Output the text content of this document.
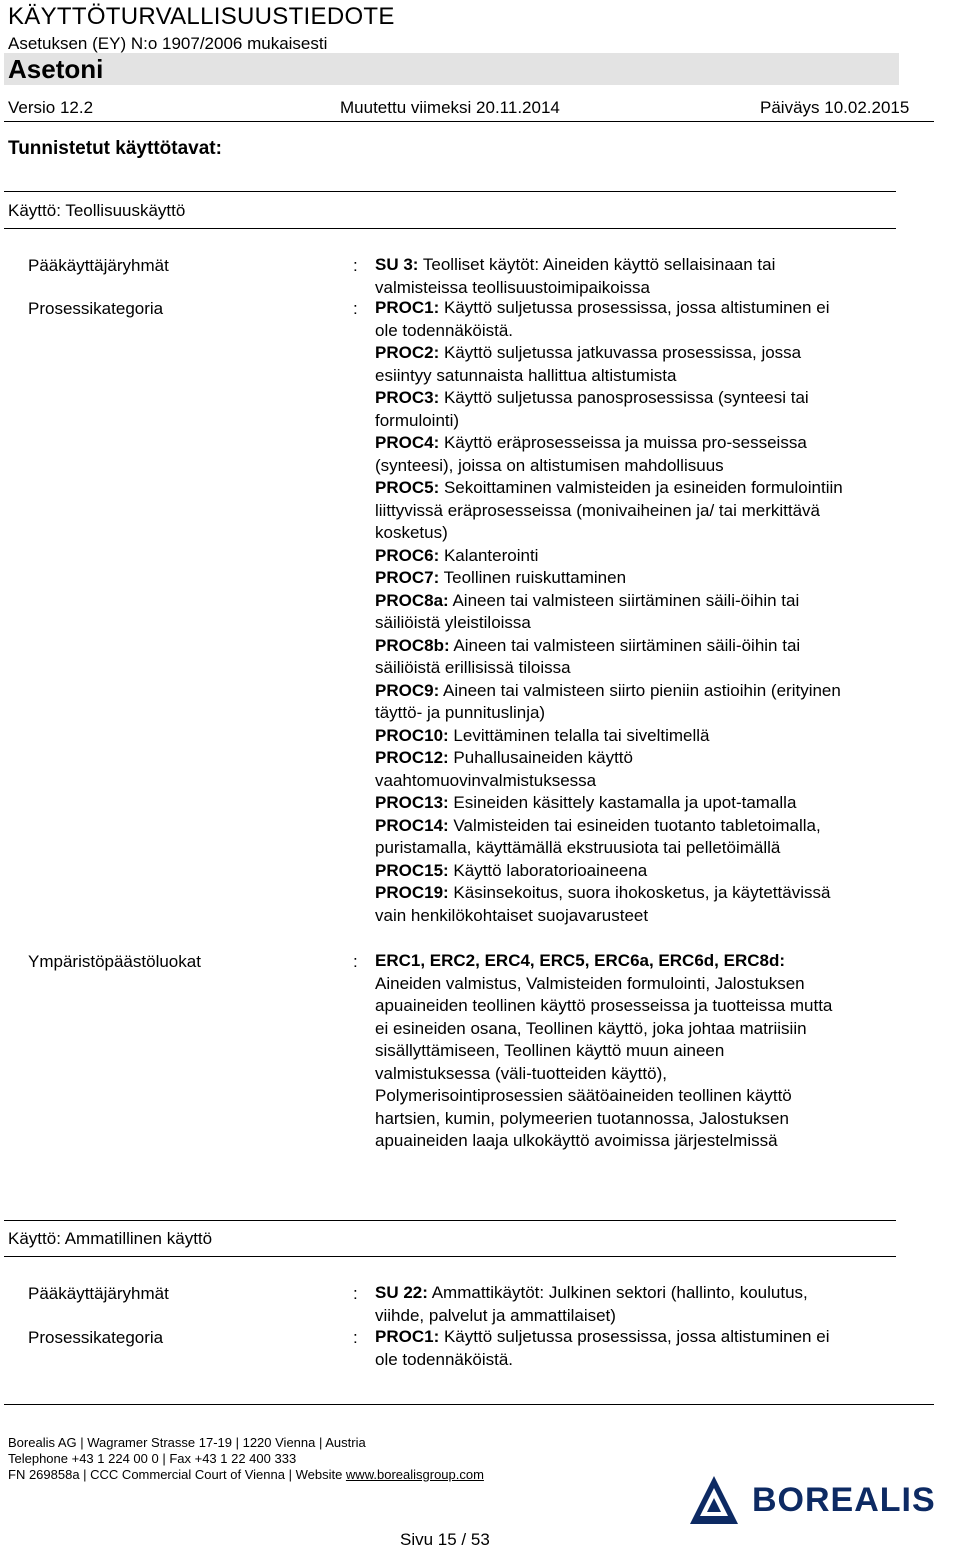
KÄYTTÖTURVALLISUUSTIEDOTE
Asetuksen (EY) N:o 1907/2006 mukaisesti
Asetoni
Versio 12.2	Muutettu viimeksi 20.11.2014	Päiväys 10.02.2015
Tunnistetut käyttötavat:
Käyttö: Teollisuuskäyttö
Pääkäyttäjäryhmät	: SU 3: Teolliset käytöt: Aineiden käyttö sellaisinaan tai
valmisteissa teollisuustoimipaikoissa
Prosessikategoria	: PROC1: Käyttö suljetussa prosessissa, jossa altistuminen ei
ole todennäköistä.
PROC2: Käyttö suljetussa jatkuvassa prosessissa, jossa
esiintyy satunnaista hallittua altistumista
PROC3: Käyttö suljetussa panosprosessissa (synteesi tai
formulointi)
PROC4: Käyttö eräprosesseissa ja muissa pro-sesseissa
(synteesi), joissa on altistumisen mahdollisuus
PROC5: Sekoittaminen valmisteiden ja esineiden formulointiin
liittyvissä eräprosesseissa (monivaiheinen ja/ tai merkittävä
kosketus)
PROC6: Kalanterointi
PROC7: Teollinen ruiskuttaminen
PROC8a: Aineen tai valmisteen siirtäminen säili-öihin tai
säiliöistä yleistiloissa
PROC8b: Aineen tai valmisteen siirtäminen säili-öihin tai
säiliöistä erillisissä tiloissa
PROC9: Aineen tai valmisteen siirto pieniin astioihin (erityinen
täyttö- ja punnituslinja)
PROC10: Levittäminen telalla tai siveltimellä
PROC12: Puhallusaineiden käyttö
vaahtomuovinvalmistuksessa
PROC13: Esineiden käsittely kastamalla ja upot-tamalla
PROC14: Valmisteiden tai esineiden tuotanto tabletoimalla,
puristamalla, käyttämällä ekstruusiota tai pelletöimällä
PROC15: Käyttö laboratorioaineena
PROC19: Käsinsekoitus, suora ihokosketus, ja käytettävissä
vain henkilökohtaiset suojavarusteet
Ympäristöpäästöluokat	: ERC1, ERC2, ERC4, ERC5, ERC6a, ERC6d, ERC8d:
Aineiden valmistus, Valmisteiden formulointi, Jalostuksen
apuaineiden teollinen käyttö prosesseissa ja tuotteissa mutta
ei esineiden osana, Teollinen käyttö, joka johtaa matriisiin
sisällyttämiseen, Teollinen käyttö muun aineen
valmistuksessa (väli-tuotteiden käyttö),
Polymerisointiprosessien säätöaineiden teollinen käyttö
hartsien, kumin, polymeerien tuotannossa, Jalostuksen
apuaineiden laaja ulkokäyttö avoimissa järjestelmissä
Käyttö: Ammatillinen käyttö
Pääkäyttäjäryhmät	: SU 22: Ammattikäytöt: Julkinen sektori (hallinto, koulutus,
viihde, palvelut ja ammattilaiset)
Prosessikategoria	: PROC1: Käyttö suljetussa prosessissa, jossa altistuminen ei
ole todennäköistä.
Borealis AG | Wagramer Strasse 17-19 | 1220 Vienna | Austria
Telephone +43 1 224 00 0 | Fax +43 1 22 400 333
FN 269858a | CCC Commercial Court of Vienna | Website www.borealisgroup.com
BOREALIS
Sivu 15 / 53
